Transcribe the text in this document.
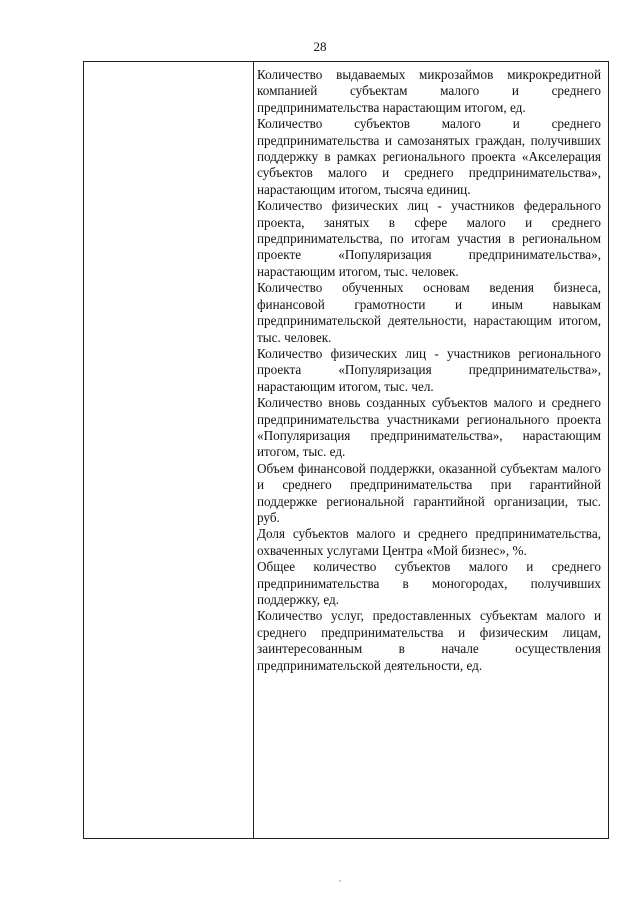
28

Количество выдаваемых микрозаймов микрокредитной компанией субъектам малого и среднего предпринимательства нарастающим итогом, ед.

Количество субъектов малого и среднего предпринимательства и самозанятых граждан, получивших поддержку в рамках регионального проекта «Акселерация субъектов малого и среднего предпринимательства», нарастающим итогом, тысяча единиц.

Количество физических лиц - участников федерального проекта, занятых в сфере малого и среднего предпринимательства, по итогам участия в региональном проекте «Популяризация предпринимательства», нарастающим итогом, тыс. человек.

Количество обученных основам ведения бизнеса, финансовой грамотности и иным навыкам предпринимательской деятельности, нарастающим итогом, тыс. человек.

Количество физических лиц - участников регионального проекта «Популяризация предпринимательства», нарастающим итогом, тыс. чел.

Количество вновь созданных субъектов малого и среднего предпринимательства участниками регионального проекта «Популяризация предпринимательства», нарастающим итогом, тыс. ед.

Объем финансовой поддержки, оказанной субъектам малого и среднего предпринимательства при гарантийной поддержке региональной гарантийной организации, тыс. руб.

Доля субъектов малого и среднего предпринимательства, охваченных услугами Центра «Мой бизнес», %.

Общее количество субъектов малого и среднего предпринимательства в моногородах, получивших поддержку, ед.

Количество услуг, предоставленных субъектам малого и среднего предпринимательства и физическим лицам, заинтересованным в начале осуществления предпринимательской деятельности, ед.
